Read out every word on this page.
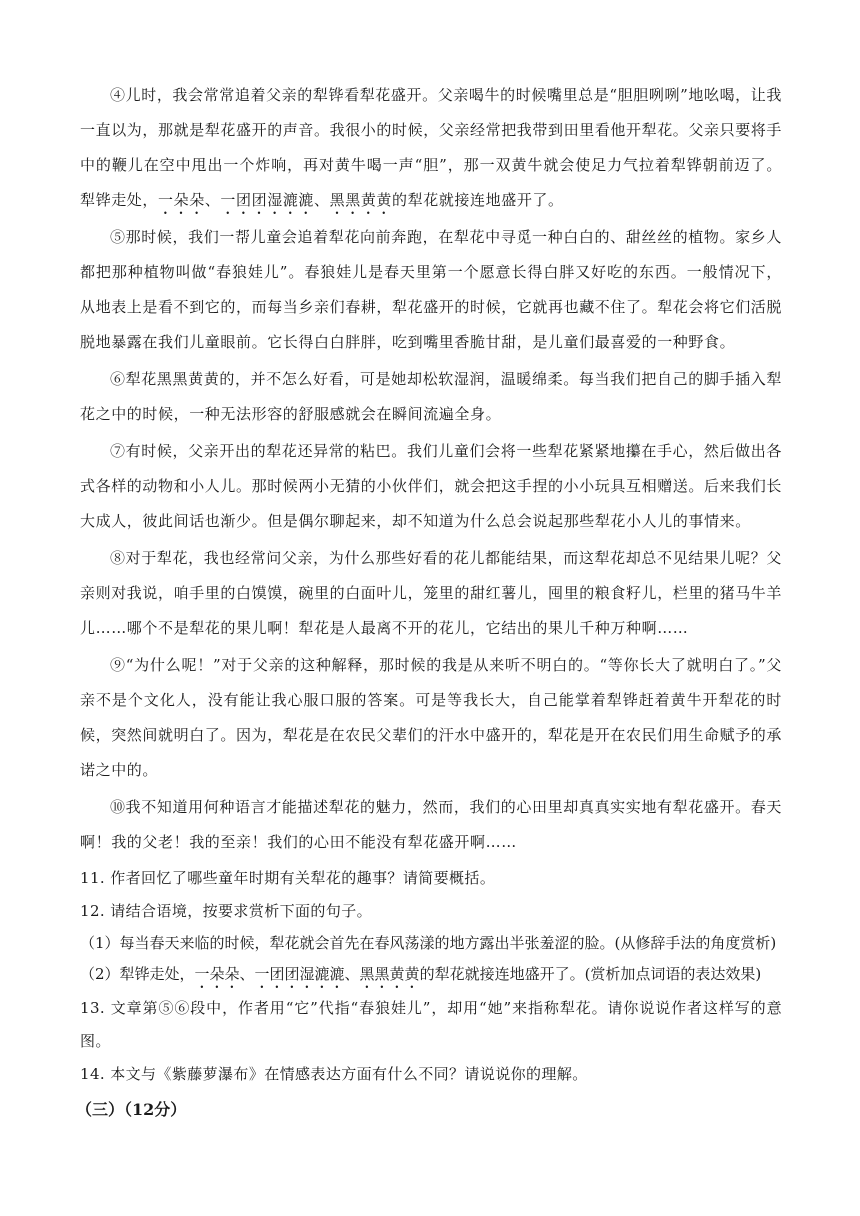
④儿时，我会常常追着父亲的犁铧看犁花盛开。父亲喝牛的时候嘴里总是“胆胆咧咧”地吆喝，让我一直以为，那就是犁花盛开的声音。我很小的时候，父亲经常把我带到田里看他开犁花。父亲只要将手中的鞭儿在空中甩出一个炸响，再对黄牛喝一声“胆”，那一双黄牛就会使足力气拉着犁铧朝前迈了。犁铧走处，一朵朵、一团团湿漉漉、黑黑黄黄的犁花就接连地盛开了。

⑤那时候，我们一帮儿童会追着犁花向前奔跑，在犁花中寻觅一种白白的、甜丝丝的植物。家乡人都把那种植物叫做“春狼娃儿”。春狼娃儿是春天里第一个愿意长得白胖又好吃的东西。一般情况下，从地表上是看不到它的，而每当乡亲们春耕，犁花盛开的时候，它就再也藏不住了。犁花会将它们活脱脱地暴露在我们儿童眼前。它长得白白胖胖，吃到嘴里香脆甘甜，是儿童们最喜爱的一种野食。

⑥犁花黑黑黄黄的，并不怎么好看，可是她却松软湿润，温暖绵柔。每当我们把自己的脚手插入犁花之中的时候，一种无法形容的舒服感就会在瞬间流遍全身。

⑦有时候，父亲开出的犁花还异常的粘巴。我们儿童们会将一些犁花紧紧地攥在手心，然后做出各式各样的动物和小人儿。那时候两小无猜的小伙伴们，就会把这手捏的小小玩具互相赠送。后来我们长大成人，彼此间话也渐少。但是偶尔聊起来，却不知道为什么总会说起那些犁花小人儿的事情来。

⑧对于犁花，我也经常问父亲，为什么那些好看的花儿都能结果，而这犁花却总不见结果儿呢？父亲则对我说，咱手里的白馍馍，碗里的白面叶儿，笼里的甜红薯儿，囤里的粮食籽儿，栏里的猪马牛羊儿……哪个不是犁花的果儿啊！犁花是人最离不开的花儿，它结出的果儿千种万种啊……

⑨“为什么呢！”对于父亲的这种解释，那时候的我是从来听不明白的。“等你长大了就明白了。”父亲不是个文化人，没有能让我心服口服的答案。可是等我长大，自己能掌着犁铧赶着黄牛开犁花的时候，突然间就明白了。因为，犁花是在农民父辈们的汗水中盛开的，犁花是开在农民们用生命赋予的承诺之中的。

⑩我不知道用何种语言才能描述犁花的魅力，然而，我们的心田里却真真实实地有犁花盛开。春天啊！我的父老！我的至亲！我们的心田不能没有犁花盛开啊……

11. 作者回忆了哪些童年时期有关犁花的趣事？请简要概括。

12. 请结合语境，按要求赏析下面的句子。

（1）每当春天来临的时候，犁花就会首先在春风荡漾的地方露出半张羞涩的脸。(从修辞手法的角度赏析)

（2）犁铧走处，一朵朵、一团团湿漉漉、黑黑黄黄的犁花就接连地盛开了。(赏析加点词语的表达效果)

13. 文章第⑤⑥段中，作者用“它”代指“春狼娃儿”，却用“她”来指称犁花。请你说说作者这样写的意图。

14. 本文与《紫藤萝瀑布》在情感表达方面有什么不同？请说说你的理解。

（三）（12分）
